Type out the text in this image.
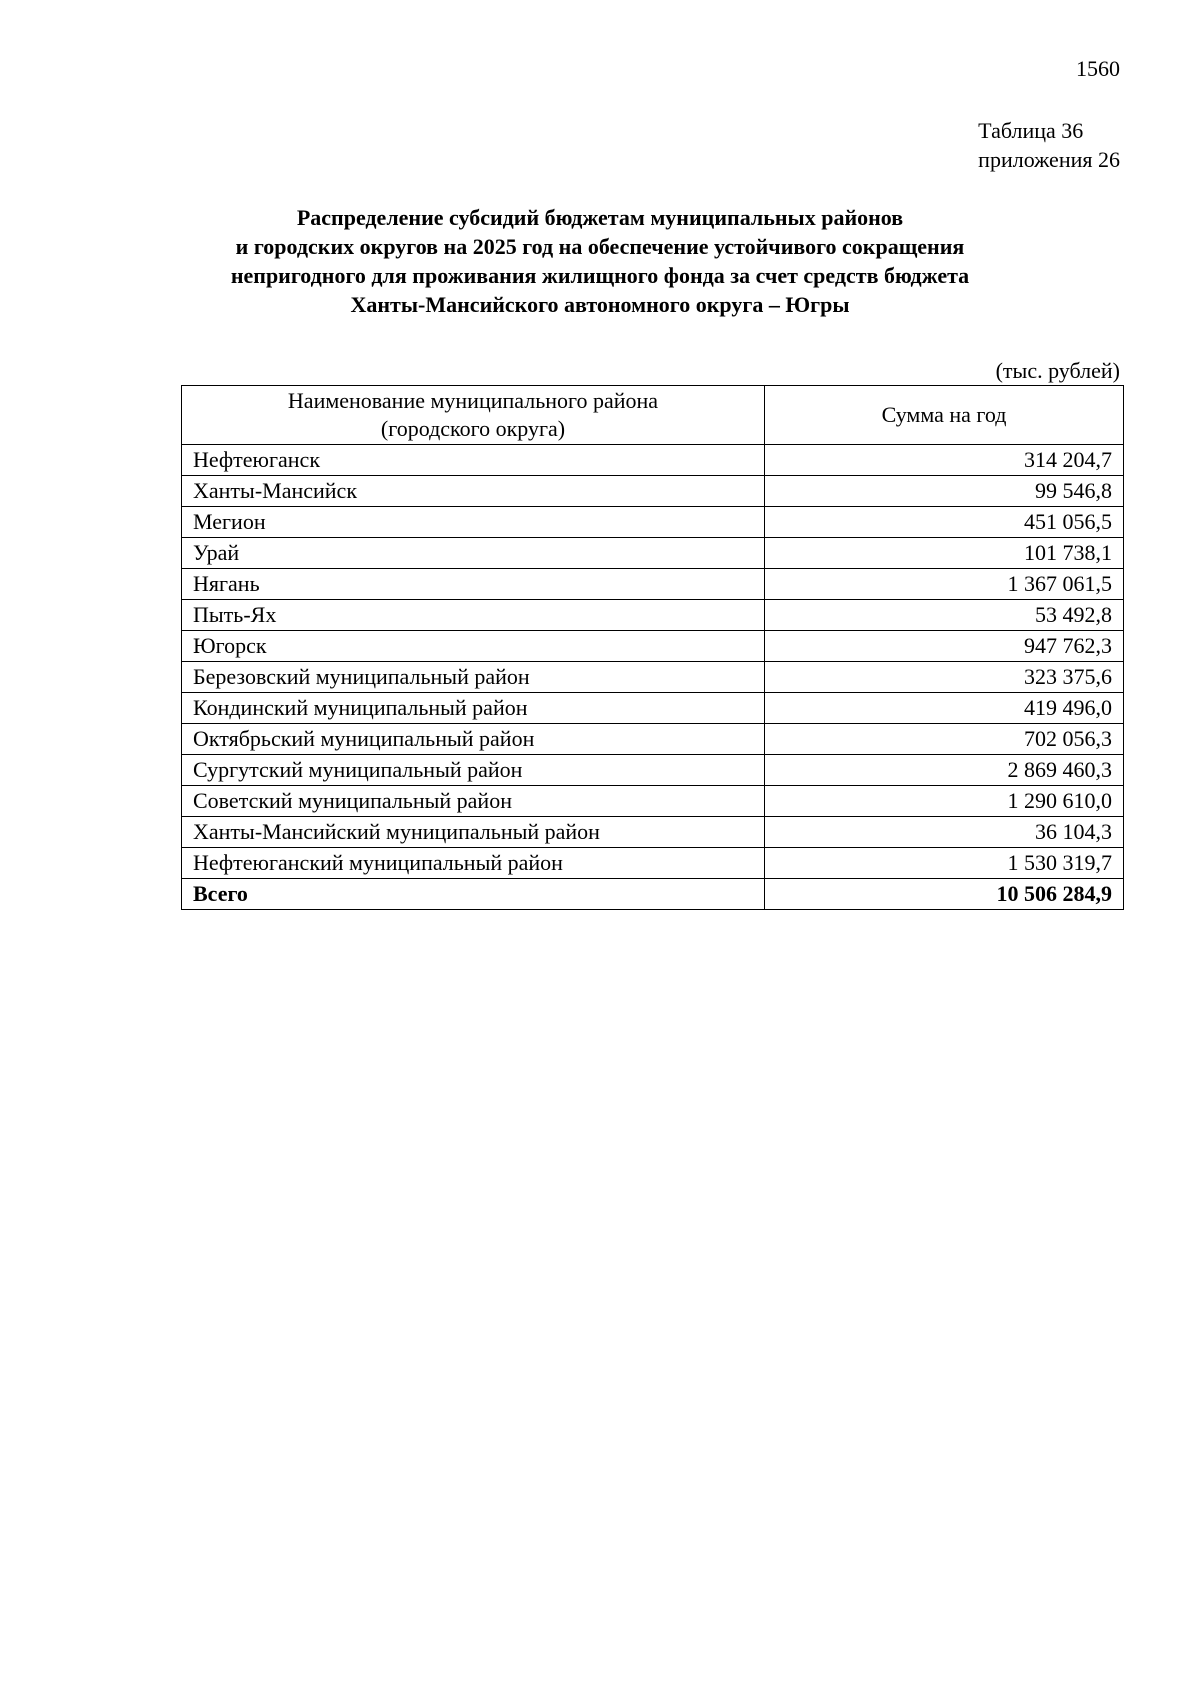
1560
Таблица 36
приложения 26
Распределение субсидий бюджетам муниципальных районов
и городских округов на 2025 год на обеспечение устойчивого сокращения
непригодного для проживания жилищного фонда за счет средств бюджета
Ханты-Мансийского автономного округа – Югры
(тыс. рублей)
Наименование муниципального района
(городского округа)	Сумма на год
Нефтеюганск	314 204,7
Ханты-Мансийск	99 546,8
Мегион	451 056,5
Урай	101 738,1
Нягань	1 367 061,5
Пыть-Ях	53 492,8
Югорск	947 762,3
Березовский муниципальный район	323 375,6
Кондинский муниципальный район	419 496,0
Октябрьский муниципальный район	702 056,3
Сургутский муниципальный район	2 869 460,3
Советский муниципальный район	1 290 610,0
Ханты-Мансийский муниципальный район	36 104,3
Нефтеюганский муниципальный район	1 530 319,7
Всего	10 506 284,9
